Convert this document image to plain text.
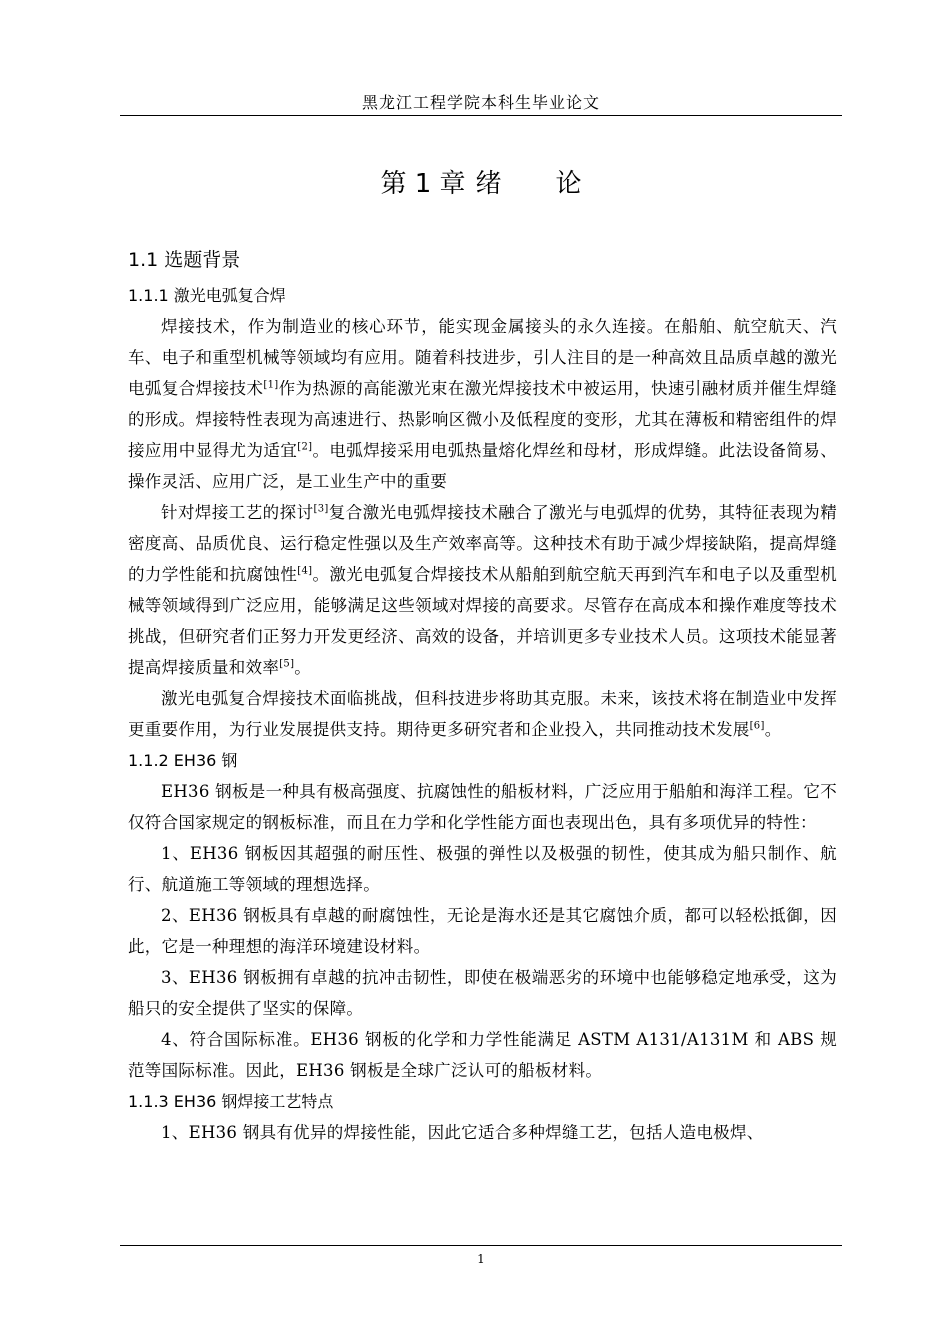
黑龙江工程学院本科生毕业论文
第 1 章 绪 论
1.1 选题背景
1.1.1 激光电弧复合焊

焊接技术，作为制造业的核心环节，能实现金属接头的永久连接。在船舶、航空航天、汽车、电子和重型机械等领域均有应用。随着科技进步，引人注目的是一种高效且品质卓越的激光电弧复合焊接技术[1]作为热源的高能激光束在激光焊接技术中被运用，快速引融材质并催生焊缝的形成。焊接特性表现为高速进行、热影响区微小及低程度的变形，尤其在薄板和精密组件的焊接应用中显得尤为适宜[2]。电弧焊接采用电弧热量熔化焊丝和母材，形成焊缝。此法设备简易、操作灵活、应用广泛，是工业生产中的重要

针对焊接工艺的探讨[3]复合激光电弧焊接技术融合了激光与电弧焊的优势，其特征表现为精密度高、品质优良、运行稳定性强以及生产效率高等。这种技术有助于减少焊接缺陷，提高焊缝的力学性能和抗腐蚀性[4]。激光电弧复合焊接技术从船舶到航空航天再到汽车和电子以及重型机械等领域得到广泛应用，能够满足这些领域对焊接的高要求。尽管存在高成本和操作难度等技术挑战，但研究者们正努力开发更经济、高效的设备，并培训更多专业技术人员。这项技术能显著提高焊接质量和效率[5]。

激光电弧复合焊接技术面临挑战，但科技进步将助其克服。未来，该技术将在制造业中发挥更重要作用，为行业发展提供支持。期待更多研究者和企业投入，共同推动技术发展[6]。

1.1.2 EH36 钢

EH36 钢板是一种具有极高强度、抗腐蚀性的船板材料，广泛应用于船舶和海洋工程。它不仅符合国家规定的钢板标准，而且在力学和化学性能方面也表现出色，具有多项优异的特性：

1、EH36 钢板因其超强的耐压性、极强的弹性以及极强的韧性，使其成为船只制作、航行、航道施工等领域的理想选择。

2、EH36 钢板具有卓越的耐腐蚀性，无论是海水还是其它腐蚀介质，都可以轻松抵御，因此，它是一种理想的海洋环境建设材料。

3、EH36 钢板拥有卓越的抗冲击韧性，即使在极端恶劣的环境中也能够稳定地承受，这为船只的安全提供了坚实的保障。

4、符合国际标准。EH36 钢板的化学和力学性能满足 ASTM A131/A131M 和 ABS 规范等国际标准。因此，EH36 钢板是全球广泛认可的船板材料。

1.1.3 EH36 钢焊接工艺特点

1、EH36 钢具有优异的焊接性能，因此它适合多种焊缝工艺，包括人造电极焊、

1
